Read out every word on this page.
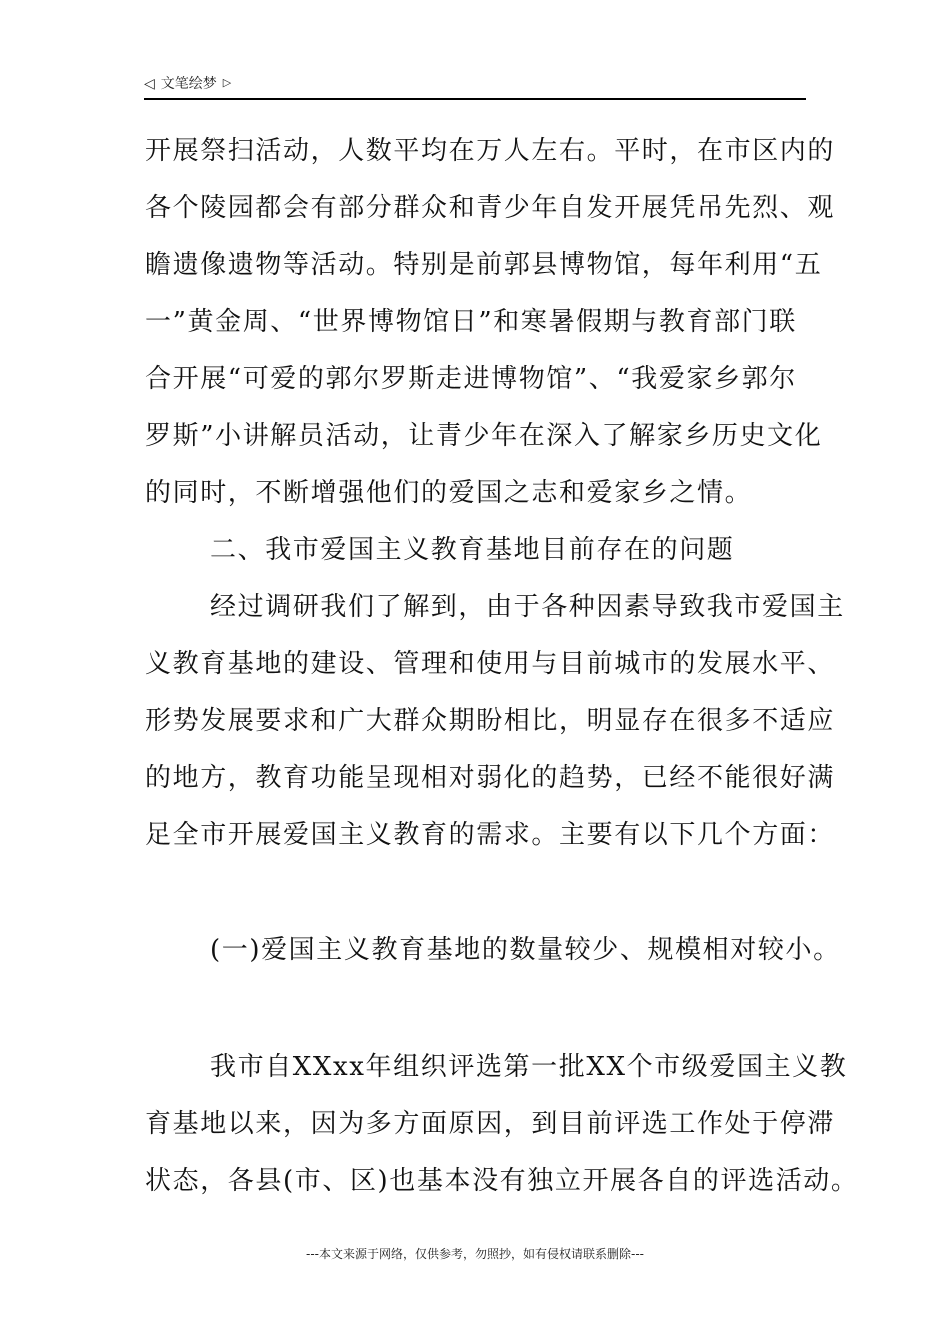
◁ 文笔绘梦 ▷
开展祭扫活动，人数平均在万人左右。平时，在市区内的
各个陵园都会有部分群众和青少年自发开展凭吊先烈、观
瞻遗像遗物等活动。特别是前郭县博物馆，每年利用“五
一”黄金周、“世界博物馆日”和寒暑假期与教育部门联
合开展“可爱的郭尔罗斯走进博物馆”、“我爱家乡郭尔
罗斯”小讲解员活动，让青少年在深入了解家乡历史文化
的同时，不断增强他们的爱国之志和爱家乡之情。
二、我市爱国主义教育基地目前存在的问题
经过调研我们了解到，由于各种因素导致我市爱国主
义教育基地的建设、管理和使用与目前城市的发展水平、
形势发展要求和广大群众期盼相比，明显存在很多不适应
的地方，教育功能呈现相对弱化的趋势，已经不能很好满
足全市开展爱国主义教育的需求。主要有以下几个方面：
(一)爱国主义教育基地的数量较少、规模相对较小。
我市自XXxx年组织评选第一批XX个市级爱国主义教
育基地以来，因为多方面原因，到目前评选工作处于停滞
状态，各县(市、区)也基本没有独立开展各自的评选活动。
---本文来源于网络，仅供参考，勿照抄，如有侵权请联系删除---
